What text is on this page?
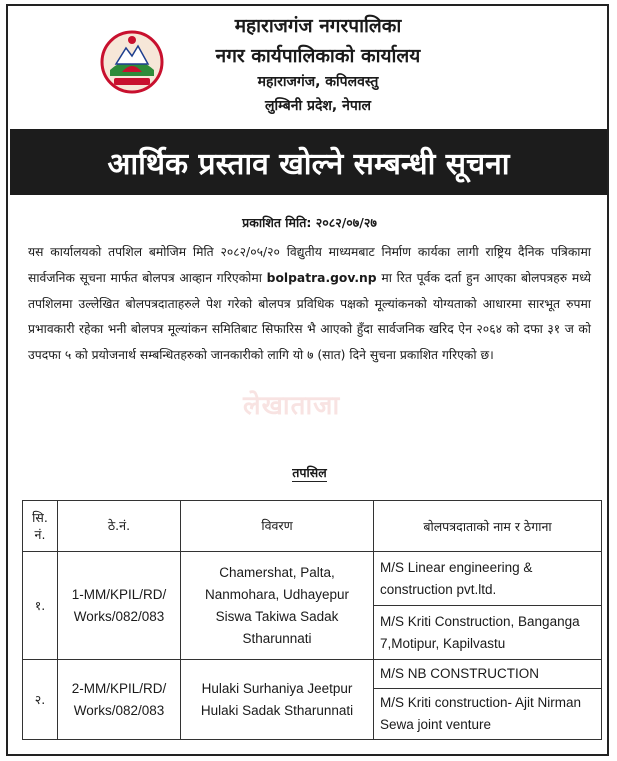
महाराजगंज नगरपालिका
नगर कार्यपालिकाको कार्यालय
महाराजगंज, कपिलवस्तु
लुम्बिनी प्रदेश, नेपाल
आर्थिक प्रस्ताव खोल्ने सम्बन्धी सूचना
प्रकाशित मिति: २०८२/०७/२७
यस कार्यालयको तपशिल बमोजिम मिति २०८२/०५/२० विद्युतीय माध्यमबाट निर्माण कार्यका लागी राष्ट्रिय दैनिक पत्रिकामा सार्वजनिक सूचना मार्फत बोलपत्र आव्हान गरिएकोमा bolpatra.gov.np मा रित पूर्वक दर्ता हुन आएका बोलपत्रहरु मध्ये तपशिलमा उल्लेखित बोलपत्रदाताहरुले पेश गरेको बोलपत्र प्रविधिक पक्षको मूल्यांकनको योग्यताको आधारमा सारभूत रुपमा प्रभावकारी रहेका भनी बोलपत्र मूल्यांकन समितिबाट सिफारिस भै आएको हुँदा सार्वजनिक खरिद ऐन २०६४ को दफा ३१ ज को उपदफा ५ को प्रयोजनार्थ सम्बन्धितहरुको जानकारीको लागि यो ७ (सात) दिने सुचना प्रकाशित गरिएको छ।
लेखाताजा
तपसिल
सि. नं.	ठे.नं.	विवरण	बोलपत्रदाताको नाम र ठेगाना
१.	1-MM/KPIL/RD/ Works/082/083	Chamershat, Palta, Nanmohara, Udhayepur Siswa Takiwa Sadak Stharunnati	M/S Linear engineering & construction pvt.ltd.
			M/S Kriti Construction, Banganga 7,Motipur, Kapilvastu
२.	2-MM/KPIL/RD/ Works/082/083	Hulaki Surhaniya Jeetpur Hulaki Sadak Stharunnati	M/S NB CONSTRUCTION
			M/S Kriti construction- Ajit Nirman Sewa joint venture
